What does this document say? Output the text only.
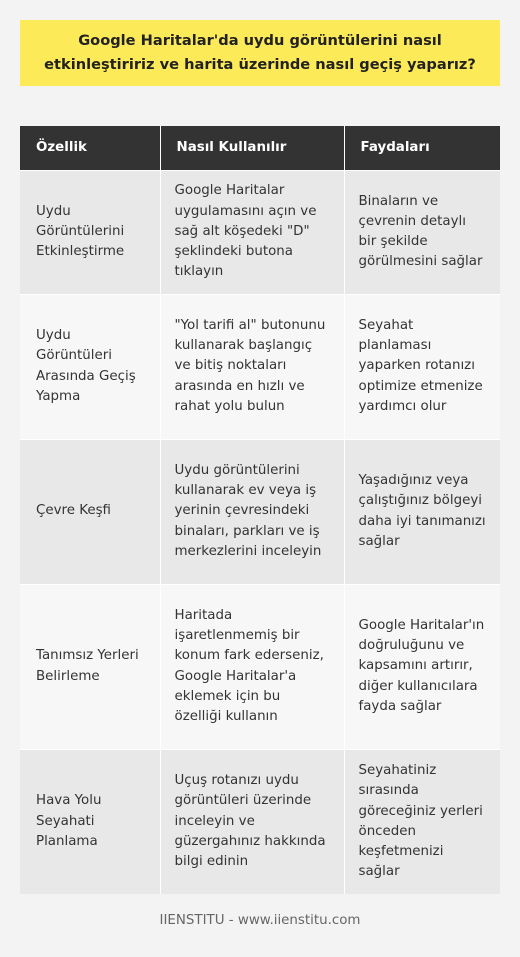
Google Haritalar'da uydu görüntülerini nasıl etkinleştiririz ve harita üzerinde nasıl geçiş yaparız?
Özellik	Nasıl Kullanılır	Faydaları
Uydu Görüntülerini Etkinleştirme	Google Haritalar uygulamasını açın ve sağ alt köşedeki "D" şeklindeki butona tıklayın	Binaların ve çevrenin detaylı bir şekilde görülmesini sağlar
Uydu Görüntüleri Arasında Geçiş Yapma	"Yol tarifi al" butonunu kullanarak başlangıç ve bitiş noktaları arasında en hızlı ve rahat yolu bulun	Seyahat planlaması yaparken rotanızı optimize etmenize yardımcı olur
Çevre Keşfi	Uydu görüntülerini kullanarak ev veya iş yerinin çevresindeki binaları, parkları ve iş merkezlerini inceleyin	Yaşadığınız veya çalıştığınız bölgeyi daha iyi tanımanızı sağlar
Tanımsız Yerleri Belirleme	Haritada işaretlenmemiş bir konum fark ederseniz, Google Haritalar'a eklemek için bu özelliği kullanın	Google Haritalar'ın doğruluğunu ve kapsamını artırır, diğer kullanıcılara fayda sağlar
Hava Yolu Seyahati Planlama	Uçuş rotanızı uydu görüntüleri üzerinde inceleyin ve güzergahınız hakkında bilgi edinin	Seyahatiniz sırasında göreceğiniz yerleri önceden keşfetmenizi sağlar
IIENSTITU - www.iienstitu.com
